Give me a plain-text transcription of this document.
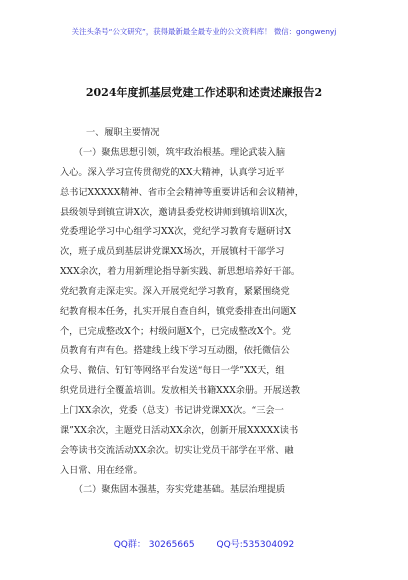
关注头条号“公文研究”，获得最新最全最专业的公文资料库！ 微信：gongwenyj
2024年度抓基层党建工作述职和述责述廉报告2
一、履职主要情况
　　（一）聚焦思想引领，筑牢政治根基。理论武装入脑
入心。深入学习宣传贯彻党的XX大精神，认真学习近平
总书记XXXXX精神、省市全会精神等重要讲话和会议精神，
县级领导到镇宣讲X次，邀请县委党校讲师到镇培训X次，
党委理论学习中心组学习XX次，党纪学习教育专题研讨X
次，班子成员到基层讲党课XX场次，开展镇村干部学习
XXX余次，着力用新理论指导新实践、新思想培养好干部。
党纪教育走深走实。深入开展党纪学习教育，紧紧围绕党
纪教育根本任务，扎实开展自查自纠，镇党委排查出问题X
个，已完成整改X个；村级问题X个，已完成整改X个。党
员教育有声有色。搭建线上线下学习互动圈，依托微信公
众号、微信、钉钉等网络平台发送“每日一学”XX天，组
织党员进行全覆盖培训。发放相关书籍XXX余册。开展送教
上门XX余次，党委（总支）书记讲党课XX次。“三会一
课”XX余次，主题党日活动XX余次，创新开展XXXXX读书
会等读书交流活动XX余次。切实让党员干部学在平常、融
入日常、用在经常。
　　（二）聚焦固本强基，夯实党建基础。基层治理提质
QQ群： 30265665 QQ号:535304092
